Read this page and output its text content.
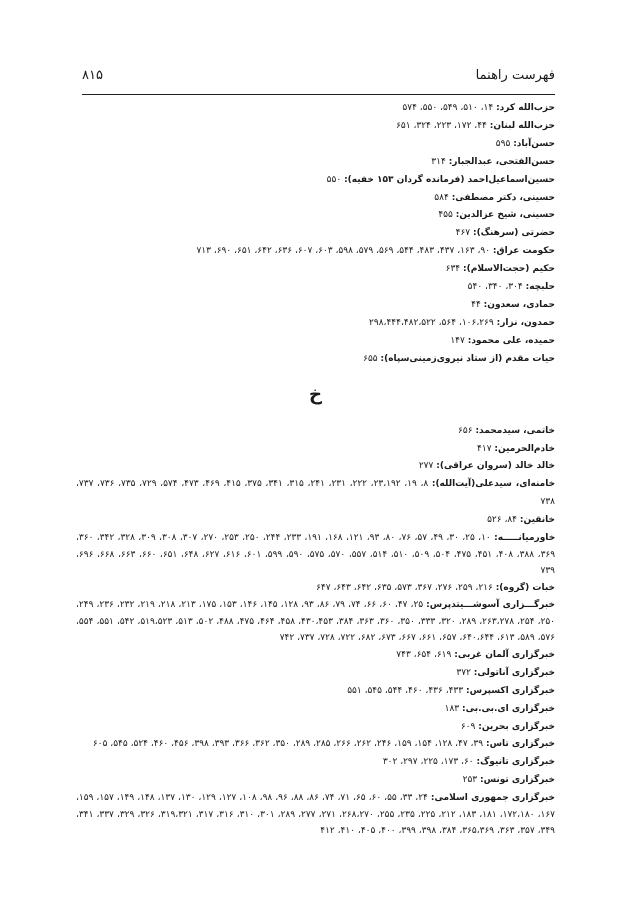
۸۱۵	فهرست راهنما
حزب‌الله کرد: ۱۴، ۵۱۰، ۵۴۹، ۵۵۰، ۵۷۴
حزب‌الله لبنان: ۴۴، ۱۷۲، ۲۲۳، ۳۲۴، ۶۵۱
حسن‌آباد: ۵۹۵
حسن‌الفتحی، عبدالجبار: ۳۱۴
حسین‌اسماعیل‌احمد (فرمانده گردان ۱۵۳ خفیه): ۵۵۰
حسینی، دکتر مصطفی: ۵۸۴
حسینی، شیخ عزالدین: ۴۵۵
حضرتی (سرهنگ): ۴۶۷
حکومت عراق: ۹۰، ۱۶۳، ۴۳۷، ۴۸۳، ۵۴۴، ۵۶۹، ۵۷۹، ۵۹۸، ۶۰۳، ۶۰۷، ۶۳۶، ۶۴۲، ۶۵۱، ۶۹۰، ۷۱۳
حکیم (حجت‌الاسلام): ۶۳۴
حلبچه: ۳۰۴، ۳۴۰، ۵۴۰
حمادی، سعدون: ۴۴
حمدون، نزار: ۱۰۶،۲۶۹، ۵۶۴، ۲۹۸،۴۴۴،۴۸۲،۵۲۲
حمیده، علی محمود: ۱۴۷
حیات مقدم (از ستاد نیروی‌زمینی‌سپاه): ۶۵۵
خ
خاتمی، سیدمحمد: ۶۵۶
خادم‌الحرمین: ۴۱۷
خالد خالد (سروان عراقی): ۲۷۷
خامنه‌ای، سیدعلی(آیت‌الله): ۸، ۱۹، ۲۳،۱۹۲، ۲۲۲، ۲۳۱، ۲۴۱، ۳۱۵، ۳۴۱، ۳۷۵، ۴۱۵، ۴۶۹، ۴۷۳، ۵۷۴، ۷۲۹، ۷۳۵، ۷۳۶، ۷۳۷، ۷۳۸
خانقین: ۸۴، ۵۲۶
خاورمیانـــــه: ۱۰، ۲۵، ۳۰، ۴۹، ۵۷، ۷۶، ۸۰، ۹۳، ۱۲۱، ۱۶۸، ۱۹۱، ۲۳۳، ۲۴۴، ۲۵۰، ۲۵۳، ۲۷۰، ۳۰۷، ۳۰۸، ۳۰۹، ۳۲۸، ۳۴۲، ۳۶۰، ۳۶۹، ۳۸۸، ۴۰۸، ۴۵۱، ۴۷۵، ۵۰۴، ۵۰۹، ۵۱۰، ۵۱۴، ۵۵۷، ۵۷۰، ۵۷۵، ۵۹۰، ۵۹۹، ۶۰۱، ۶۱۶، ۶۲۷، ۶۴۸، ۶۵۱، ۶۶۰، ۶۶۳، ۶۶۸، ۶۹۶، ۷۳۹
خبات (گروه): ۲۱۶، ۲۵۹، ۲۷۶، ۳۶۷، ۵۷۳، ۶۳۵، ۶۴۲، ۶۴۳، ۶۴۷
خبرگـــزاری آسوشـــیتدپرس: ۲۵، ۴۷، ۶۰، ۶۶، ۷۴، ۷۹، ۸۶، ۹۳، ۱۲۸، ۱۴۵، ۱۴۶، ۱۵۳، ۱۷۵، ۲۱۳، ۲۱۸، ۲۱۹، ۲۳۲، ۲۳۶، ۲۴۹، ۲۵۰، ۲۵۴، ۲۶۳،۲۷۸، ۲۸۹، ۳۲۰، ۳۳۳، ۳۵۰، ۳۶۰، ۳۶۳، ۳۸۴، ۴۳۰،۴۵۳، ۴۵۸، ۴۶۴، ۴۷۵، ۴۸۸، ۵۰۲، ۵۱۳، ۵۱۹،۵۲۳، ۵۴۲، ۵۵۱، ۵۵۴، ۵۷۶، ۵۸۹، ۶۱۳، ۶۴۰،۶۴۴، ۶۵۷، ۶۶۱، ۶۶۷، ۶۷۳، ۶۸۲، ۷۲۲، ۷۲۸، ۷۳۷، ۷۴۲
خبرگزاری آلمان غربی: ۶۱۹، ۶۵۴، ۷۴۳
خبرگزاری آناتولی: ۳۷۲
خبرگزاری اکسپرس: ۴۳۳، ۴۳۶، ۴۶۰، ۵۴۴، ۵۴۵، ۵۵۱
خبرگزاری ای.بی.بی: ۱۸۳
خبرگزاری بحرین: ۶۰۹
خبرگزاری تاس: ۳۹، ۴۷، ۱۲۸، ۱۵۴، ۱۵۹، ۲۴۶، ۲۶۲، ۲۶۶، ۲۸۵، ۲۸۹، ۳۵۰، ۳۶۲، ۳۶۶، ۳۹۳، ۳۹۸، ۴۵۶، ۴۶۰، ۵۲۴، ۵۴۵، ۶۰۵
خبرگزاری تانیوگ: ۶۰، ۱۷۳، ۲۲۵، ۲۹۷، ۳۰۲
خبرگزاری تونس: ۲۵۳
خبرگزاری جمهوری اسلامی: ۲۴، ۳۳، ۵۵، ۶۰، ۶۵، ۷۱، ۷۴، ۸۶، ۸۸، ۹۶، ۹۸، ۱۰۸، ۱۲۷، ۱۲۹، ۱۳۰، ۱۳۷، ۱۴۸، ۱۴۹، ۱۵۷، ۱۵۹، ۱۶۷، ۱۷۲،۱۸۰، ۱۸۱، ۱۸۳، ۲۱۲، ۲۲۵، ۲۳۵، ۲۵۵، ۲۶۸،۲۷۰، ۲۷۱، ۲۷۷، ۲۸۹، ۳۰۱، ۳۱۰، ۳۱۶، ۳۱۷، ۳۱۹،۳۲۱، ۳۲۶، ۳۲۹، ۳۳۷، ۳۴۱، ۳۴۹، ۳۵۷، ۳۶۳، ۳۶۵،۳۶۹، ۳۸۴، ۳۹۸، ۳۹۹، ۴۰۰، ۴۰۵، ۴۱۰، ۴۱۲
